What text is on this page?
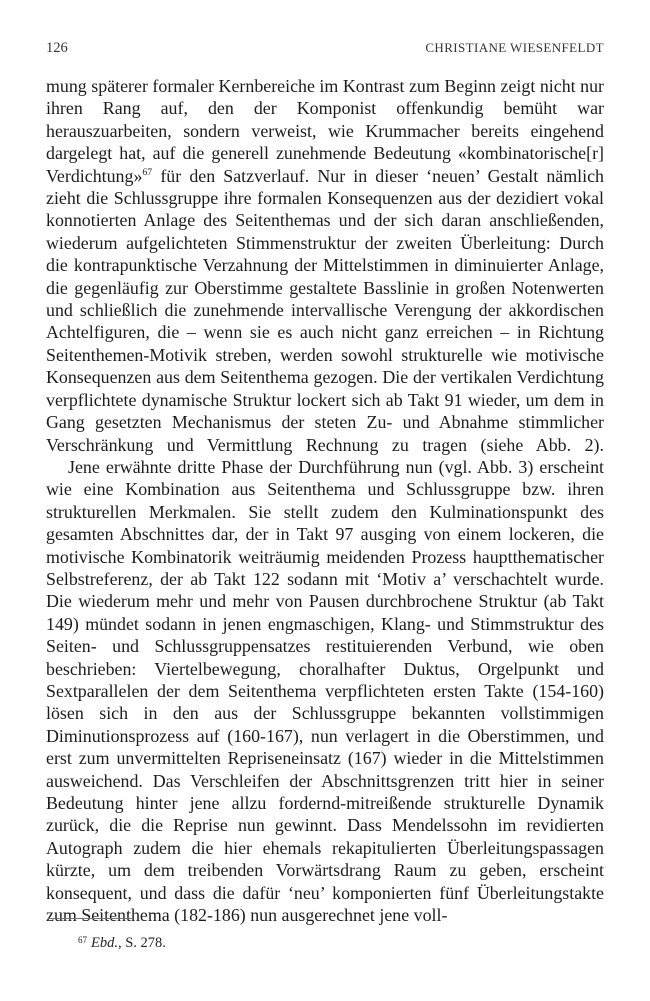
126	CHRISTIANE WIESENFELDT

mung späterer formaler Kernbereiche im Kontrast zum Beginn zeigt nicht nur ihren Rang auf, den der Komponist offenkundig bemüht war herauszuarbeiten, sondern verweist, wie Krummacher bereits eingehend dargelegt hat, auf die generell zunehmende Bedeutung «kombinatorische[r] Verdichtung»$^{67}$ für den Satzverlauf. Nur in dieser ‘neuen’ Gestalt nämlich zieht die Schlussgruppe ihre formalen Konsequenzen aus der dezidiert vokal konnotierten Anlage des Seitenthemas und der sich daran anschließenden, wiederum aufgelichteten Stimmenstruktur der zweiten Überleitung: Durch die kontrapunktische Verzahnung der Mittelstimmen in diminuierter Anlage, die gegenläufig zur Oberstimme gestaltete Basslinie in großen Notenwerten und schließlich die zunehmende intervallische Verengung der akkordischen Achtelfiguren, die – wenn sie es auch nicht ganz erreichen – in Richtung Seitenthemen-Motivik streben, werden sowohl strukturelle wie motivische Konsequenzen aus dem Seitenthema gezogen. Die der vertikalen Verdichtung verpflichtete dynamische Struktur lockert sich ab Takt 91 wieder, um dem in Gang gesetzten Mechanismus der steten Zu- und Abnahme stimmlicher Verschränkung und Vermittlung Rechnung zu tragen (siehe Abb. 2).

Jene erwähnte dritte Phase der Durchführung nun (vgl. Abb. 3) erscheint wie eine Kombination aus Seitenthema und Schlussgruppe bzw. ihren strukturellen Merkmalen. Sie stellt zudem den Kulminationspunkt des gesamten Abschnittes dar, der in Takt 97 ausging von einem lockeren, die motivische Kombinatorik weiträumig meidenden Prozess hauptthematischer Selbstreferenz, der ab Takt 122 sodann mit ‘Motiv a’ verschachtelt wurde. Die wiederum mehr und mehr von Pausen durchbrochene Struktur (ab Takt 149) mündet sodann in jenen engmaschigen, Klang- und Stimmstruktur des Seiten- und Schlussgruppensatzes restituierenden Verbund, wie oben beschrieben: Viertelbewegung, choralhafter Duktus, Orgelpunkt und Sextparallelen der dem Seitenthema verpflichteten ersten Takte (154-160) lösen sich in den aus der Schlussgruppe bekannten vollstimmigen Diminutionsprozess auf (160-167), nun verlagert in die Oberstimmen, und erst zum unvermittelten Repriseneinsatz (167) wieder in die Mittelstimmen ausweichend. Das Verschleifen der Abschnittsgrenzen tritt hier in seiner Bedeutung hinter jene allzu fordernd-mitreißende strukturelle Dynamik zurück, die die Reprise nun gewinnt. Dass Mendelssohn im revidierten Autograph zudem die hier ehemals rekapitulierten Überleitungspassagen kürzte, um dem treibenden Vorwärtsdrang Raum zu geben, erscheint konsequent, und dass die dafür ‘neu’ komponierten fünf Überleitungstakte zum Seitenthema (182-186) nun ausgerechnet jene voll-

$^{67}$ Ebd., S. 278.
